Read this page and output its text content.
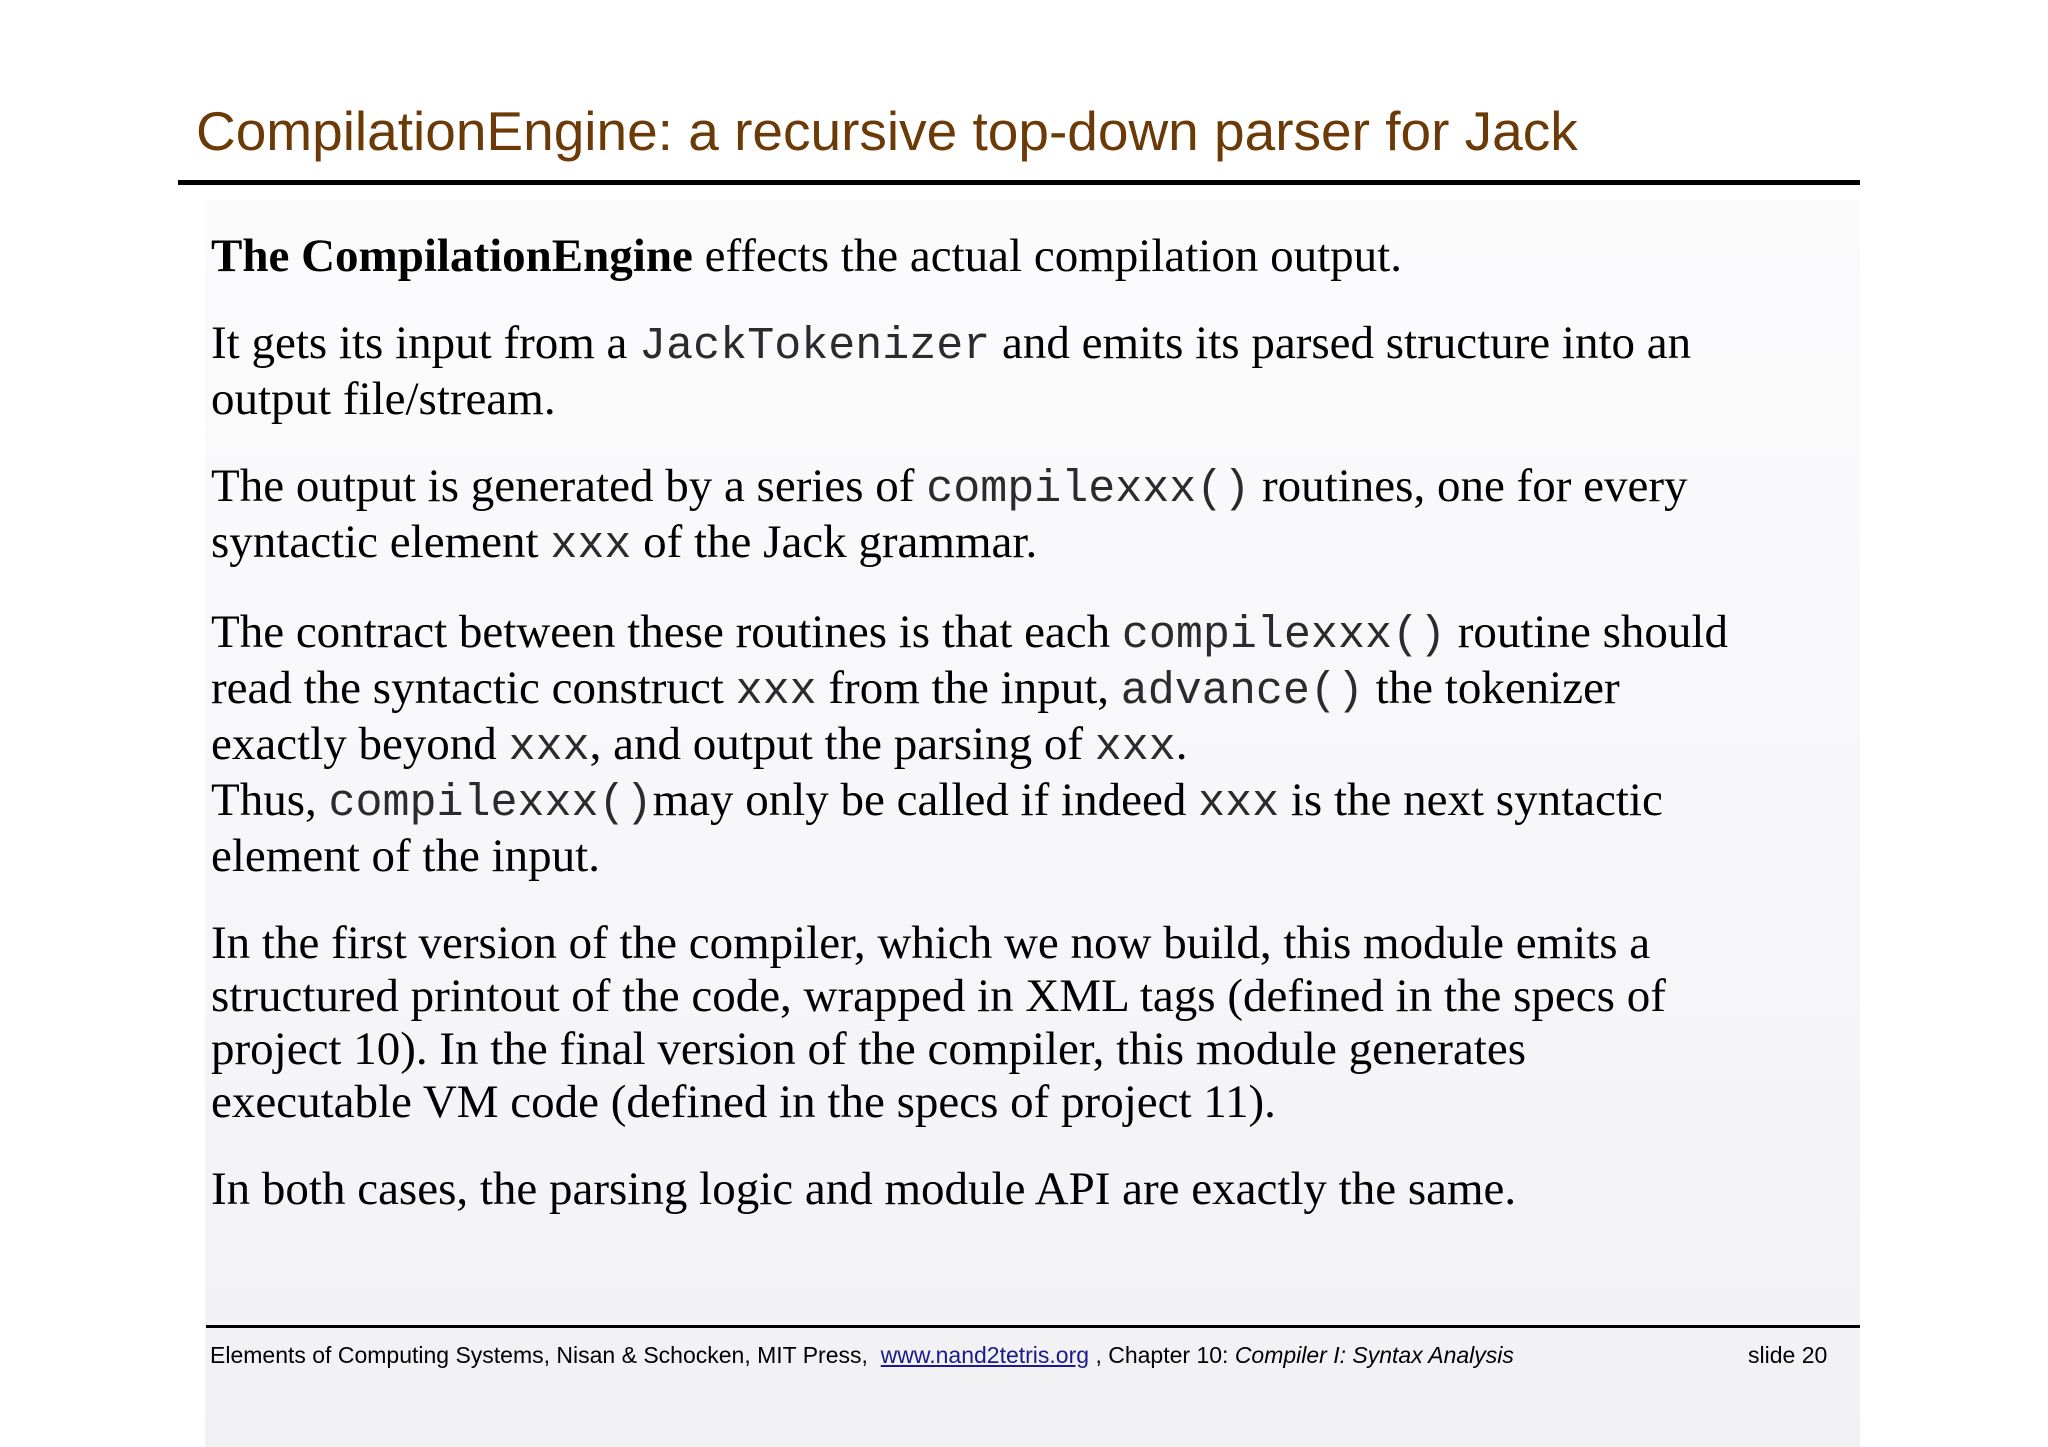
CompilationEngine: a recursive top-down parser for Jack

The CompilationEngine effects the actual compilation output.

It gets its input from a JackTokenizer and emits its parsed structure into an
output file/stream.

The output is generated by a series of compilexxx() routines, one for every
syntactic element xxx of the Jack grammar.

The contract between these routines is that each compilexxx() routine should
read the syntactic construct xxx from the input, advance() the tokenizer
exactly beyond xxx, and output the parsing of xxx.
Thus, compilexxx()may only be called if indeed xxx is the next syntactic
element of the input.

In the first version of the compiler, which we now build, this module emits a
structured printout of the code, wrapped in XML tags (defined in the specs of
project 10). In the final version of the compiler, this module generates
executable VM code (defined in the specs of project 11).

In both cases, the parsing logic and module API are exactly the same.

Elements of Computing Systems, Nisan & Schocken, MIT Press,  www.nand2tetris.org , Chapter 10: Compiler I: Syntax Analysis	slide 20
